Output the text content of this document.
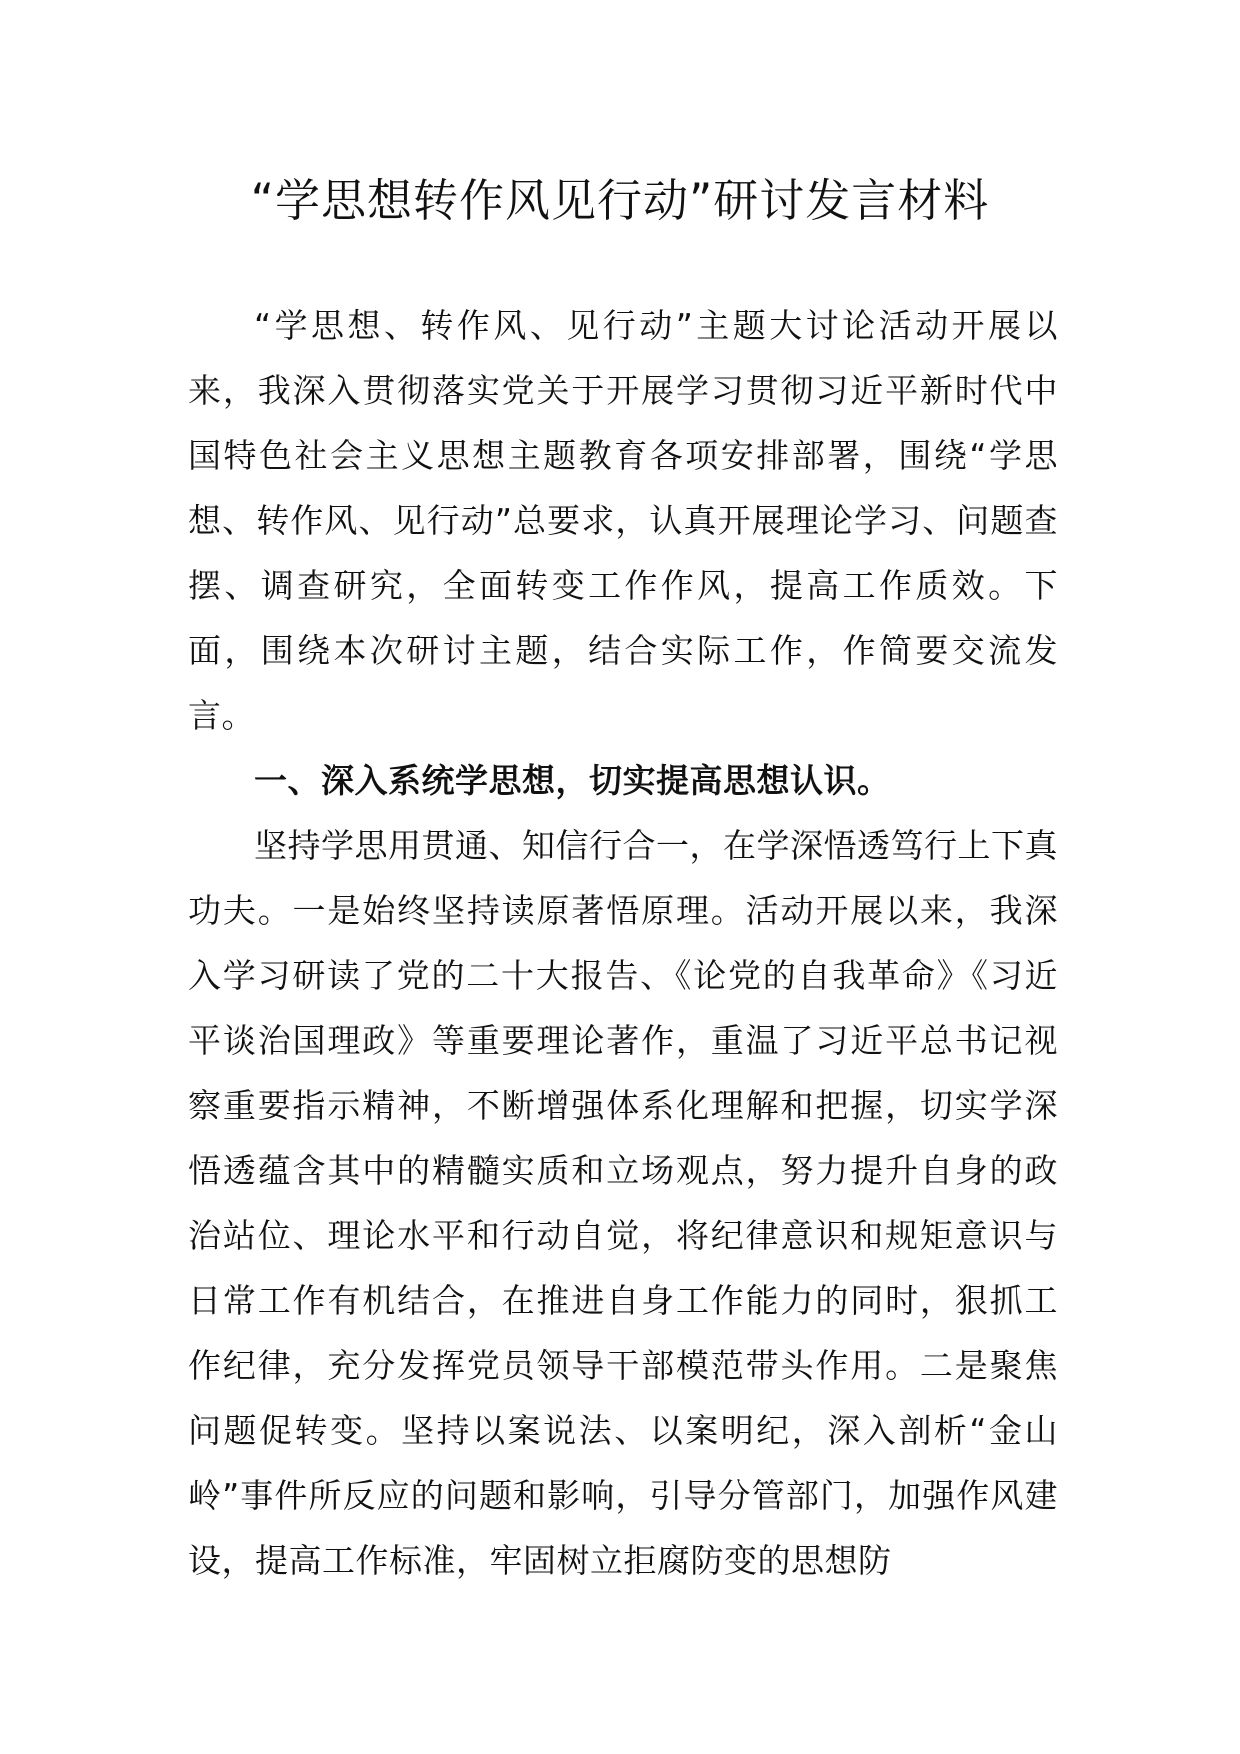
“学思想转作风见行动”研讨发言材料

“学思想、转作风、见行动”主题大讨论活动开展以来，我深入贯彻落实党关于开展学习贯彻习近平新时代中国特色社会主义思想主题教育各项安排部署，围绕“学思想、转作风、见行动”总要求，认真开展理论学习、问题查摆、调查研究，全面转变工作作风，提高工作质效。下面，围绕本次研讨主题，结合实际工作，作简要交流发言。

一、深入系统学思想，切实提高思想认识。

坚持学思用贯通、知信行合一，在学深悟透笃行上下真功夫。一是始终坚持读原著悟原理。活动开展以来，我深入学习研读了党的二十大报告、《论党的自我革命》《习近平谈治国理政》等重要理论著作，重温了习近平总书记视察重要指示精神，不断增强体系化理解和把握，切实学深悟透蕴含其中的精髓实质和立场观点，努力提升自身的政治站位、理论水平和行动自觉，将纪律意识和规矩意识与日常工作有机结合，在推进自身工作能力的同时，狠抓工作纪律，充分发挥党员领导干部模范带头作用。二是聚焦问题促转变。坚持以案说法、以案明纪，深入剖析“金山岭”事件所反应的问题和影响，引导分管部门，加强作风建设，提高工作标准，牢固树立拒腐防变的思想防
